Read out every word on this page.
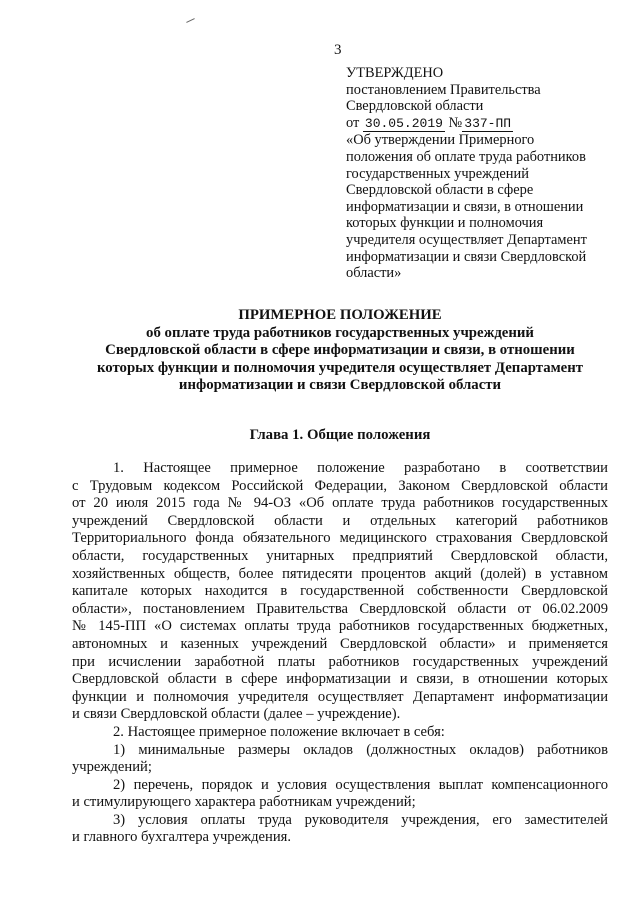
3
УТВЕРЖДЕНО
постановлением Правительства
Свердловской области
от 30.05.2019 № 337-ПП
«Об утверждении Примерного
положения об оплате труда работников
государственных учреждений
Свердловской области в сфере
информатизации и связи, в отношении
которых функции и полномочия
учредителя осуществляет Департамент
информатизации и связи Свердловской
области»
ПРИМЕРНОЕ ПОЛОЖЕНИЕ
об оплате труда работников государственных учреждений
Свердловской области в сфере информатизации и связи, в отношении
которых функции и полномочия учредителя осуществляет Департамент
информатизации и связи Свердловской области
Глава 1. Общие положения
1. Настоящее примерное положение разработано в соответствии
с Трудовым кодексом Российской Федерации, Законом Свердловской области
от 20 июля 2015 года № 94-ОЗ «Об оплате труда работников государственных
учреждений Свердловской области и отдельных категорий работников
Территориального фонда обязательного медицинского страхования Свердловской
области, государственных унитарных предприятий Свердловской области,
хозяйственных обществ, более пятидесяти процентов акций (долей) в уставном
капитале которых находится в государственной собственности Свердловской
области», постановлением Правительства Свердловской области от 06.02.2009
№ 145-ПП «О системах оплаты труда работников государственных бюджетных,
автономных и казенных учреждений Свердловской области» и применяется
при исчислении заработной платы работников государственных учреждений
Свердловской области в сфере информатизации и связи, в отношении которых
функции и полномочия учредителя осуществляет Департамент информатизации
и связи Свердловской области (далее – учреждение).
2. Настоящее примерное положение включает в себя:
1) минимальные размеры окладов (должностных окладов) работников
учреждений;
2) перечень, порядок и условия осуществления выплат компенсационного
и стимулирующего характера работникам учреждений;
3) условия оплаты труда руководителя учреждения, его заместителей
и главного бухгалтера учреждения.
